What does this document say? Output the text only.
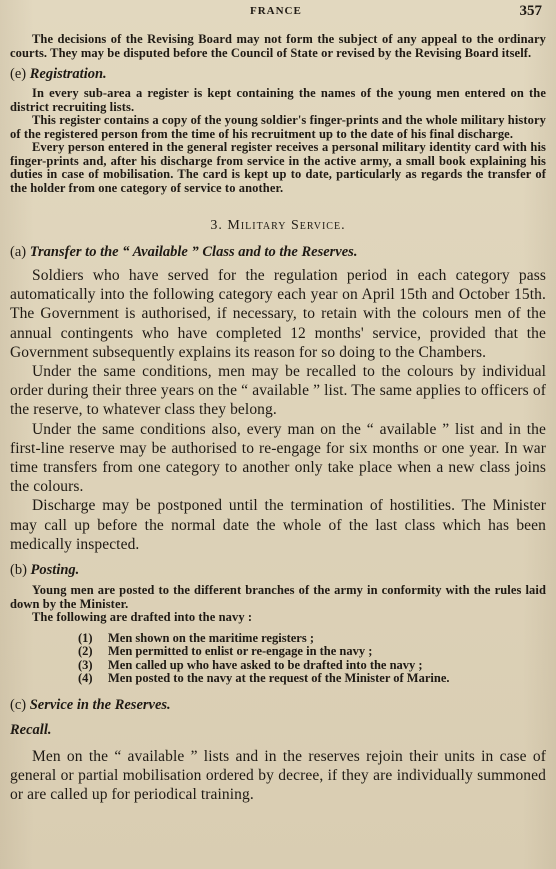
FRANCE	357

The decisions of the Revising Board may not form the subject of any appeal to the ordinary courts. They may be disputed before the Council of State or revised by the Revising Board itself.

(e) Registration.

In every sub-area a register is kept containing the names of the young men entered on the district recruiting lists.

This register contains a copy of the young soldier's finger-prints and the whole military history of the registered person from the time of his recruitment up to the date of his final discharge.

Every person entered in the general register receives a personal military identity card with his finger-prints and, after his discharge from service in the active army, a small book explaining his duties in case of mobilisation. The card is kept up to date, particularly as regards the transfer of the holder from one category of service to another.

3. Military Service.
(a) Transfer to the “ Available ” Class and to the Reserves.

Soldiers who have served for the regulation period in each category pass automatically into the following category each year on April 15th and October 15th. The Government is authorised, if necessary, to retain with the colours men of the annual contingents who have completed 12 months' service, provided that the Government subsequently explains its reason for so doing to the Chambers.

Under the same conditions, men may be recalled to the colours by individual order during their three years on the “ available ” list. The same applies to officers of the reserve, to whatever class they belong.

Under the same conditions also, every man on the “ available ” list and in the first-line reserve may be authorised to re-engage for six months or one year. In war time transfers from one category to another only take place when a new class joins the colours.

Discharge may be postponed until the termination of hostilities. The Minister may call up before the normal date the whole of the last class which has been medically inspected.

(b) Posting.

Young men are posted to the different branches of the army in conformity with the rules laid down by the Minister.

The following are drafted into the navy :

(1)	Men shown on the maritime registers ;
(2)	Men permitted to enlist or re-engage in the navy ;
(3)	Men called up who have asked to be drafted into the navy ;
(4)	Men posted to the navy at the request of the Minister of Marine.
(c) Service in the Reserves.
Recall.

Men on the “ available ” lists and in the reserves rejoin their units in case of general or partial mobilisation ordered by decree, if they are individually summoned or are called up for periodical training.
